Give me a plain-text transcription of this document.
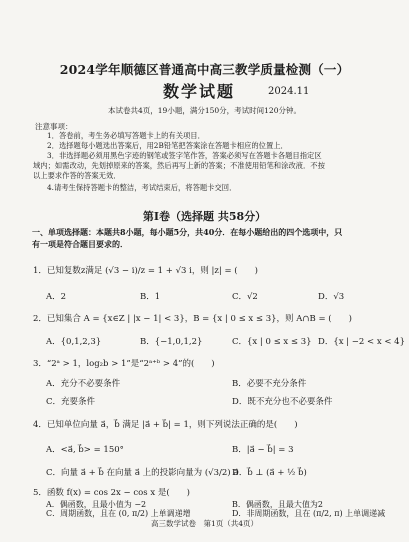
2024学年顺德区普通高中高三教学质量检测（一）
数学试题	2024.11
本试卷共4页，19小题，满分150分，考试时间120分钟。
注意事项：
1．答卷前，考生务必填写答题卡上的有关项目．
2．选择题每小题选出答案后，用2B铅笔把答案涂在答题卡相应的位置上．
3．非选择题必须用黑色字迹的钢笔或签字笔作答，答案必须写在答题卡各题目指定区
域内；如需改动，先划掉原来的答案，然后再写上新的答案；不准使用铅笔和涂改液．不按
以上要求作答的答案无效．
4.请考生保持答题卡的整洁，考试结束后，将答题卡交回．
第Ⅰ卷（选择题 共58分）
一、单项选择题：本题共8小题，每小题5分，共40分．在每小题给出的四个选项中，只
有一项是符合题目要求的．
1．已知复数z满足 (√3 − i)/z = 1 + √3 i，则 |z| = (　　)
A．2	B．1	C．√2	D．√3
2．已知集合 A = {x∈Z | |x − 1| < 3}，B = {x | 0 ≤ x ≤ 3}，则 A∩B = (　　)
A．{0,1,2,3}	B．{−1,0,1,2}	C．{x | 0 ≤ x ≤ 3} D．{x | −2 < x < 4}
3．“2ᵃ > 1，log₂b > 1”是“2ᵃ⁺ᵇ > 4”的(　　)
A．充分不必要条件	B．必要不充分条件
C．充要条件	D．既不充分也不必要条件
4．已知单位向量 a⃗，b⃗ 满足 |a⃗ + b⃗| = 1，则下列说法正确的是(　　)
A．<a⃗, b⃗> = 150°	B．|a⃗ − b⃗| = 3
C．向量 a⃗ + b⃗ 在向量 a⃗ 上的投影向量为 (√3/2) a⃗
D．b⃗ ⊥ (a⃗ + ½ b⃗)
5．函数 f(x) = cos 2x − cos x 是(　　)
A．偶函数，且最小值为 −2	B．偶函数，且最大值为2
C．周期函数，且在 (0, π/2) 上单调递增	D．非周期函数，且在 (π/2, π) 上单调递减
高三数学试卷　第1页（共4页）
